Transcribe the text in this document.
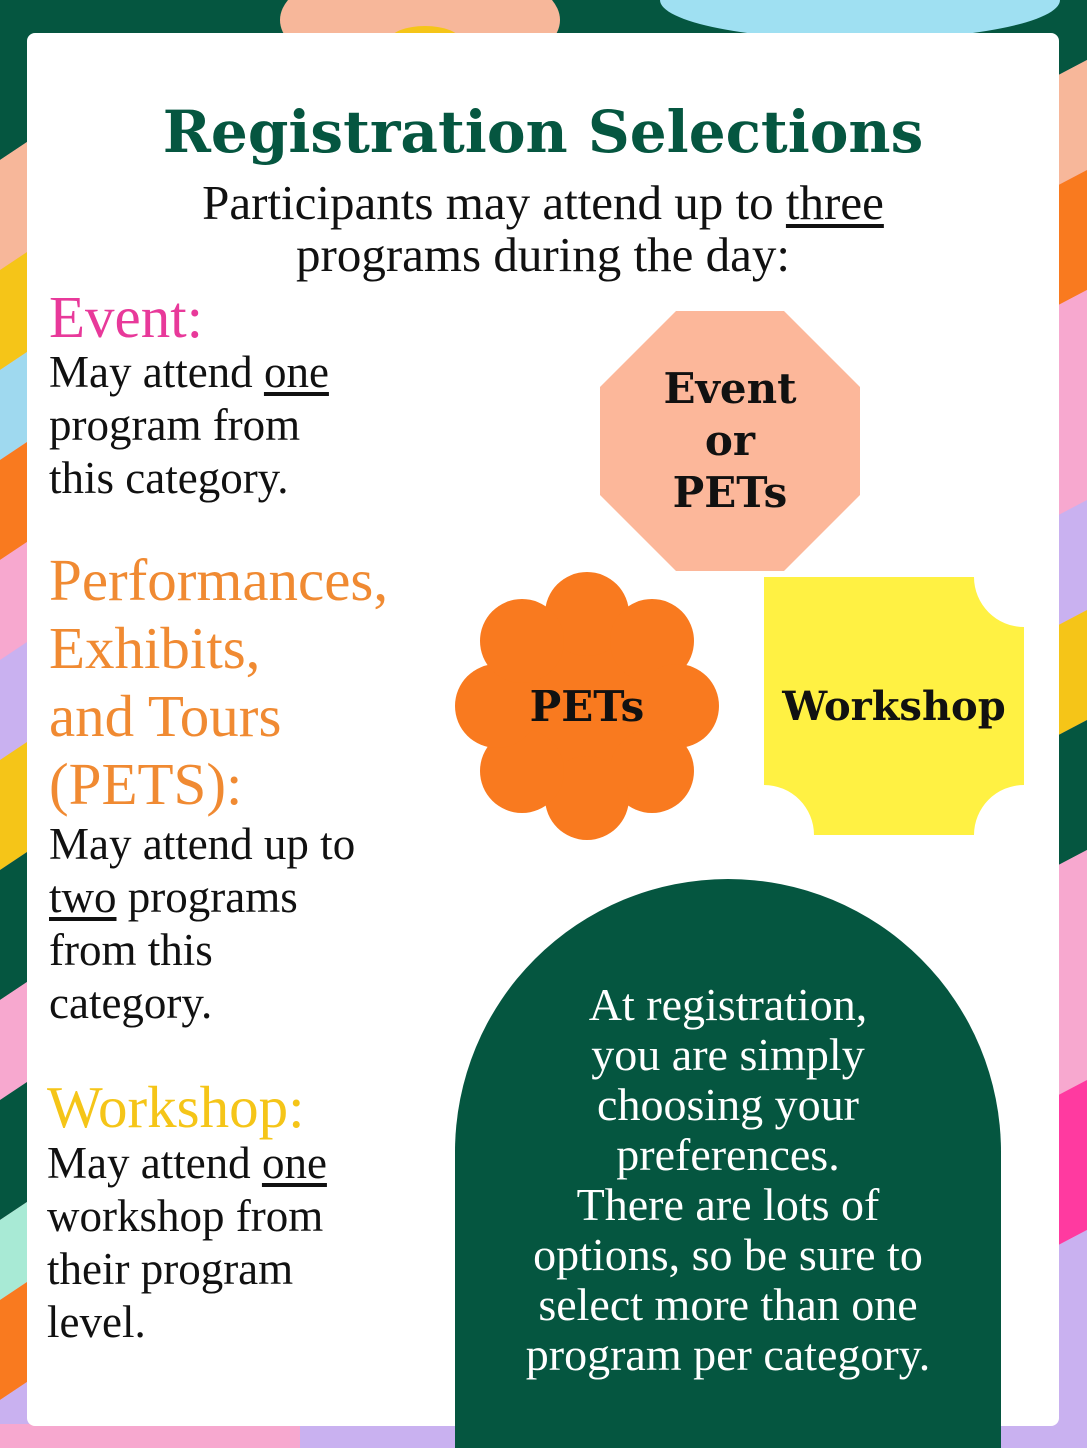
Registration Selections

Participants may attend up to three
programs during the day:

Event:

May attend one
program from
this category.

Performances,
Exhibits,
and Tours
(PETS):

May attend up to
two programs
from this
category.

Workshop:

May attend one
workshop from
their program
level.

Event
or
PETs
PETs	Workshop

At registration,
you are simply
choosing your
preferences.
There are lots of
options, so be sure to
select more than one
program per category.
